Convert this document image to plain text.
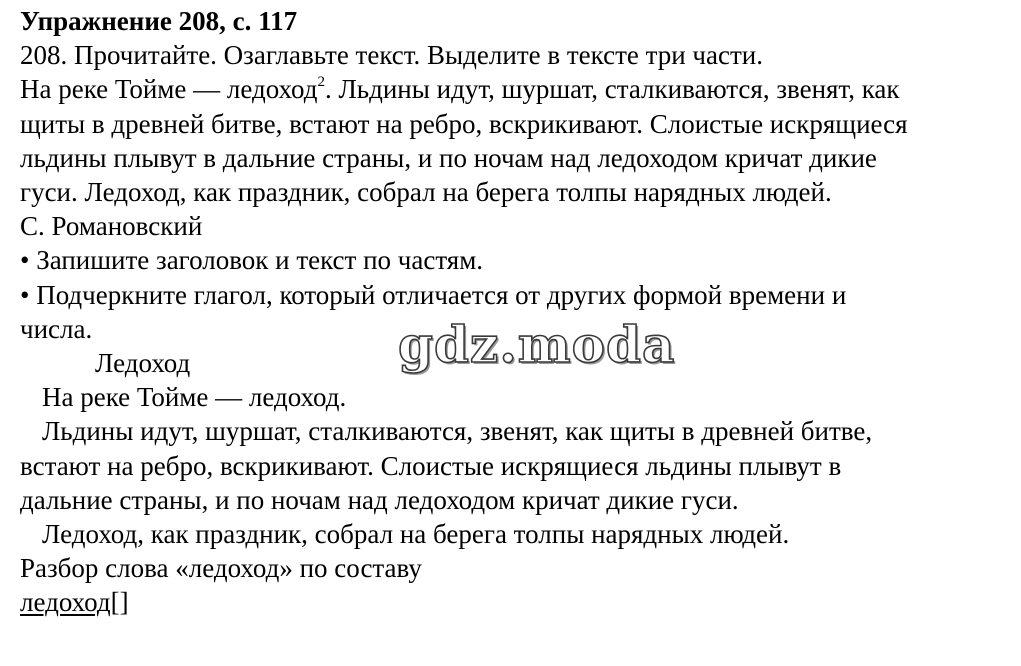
Упражнение 208, с. 117
208. Прочитайте. Озаглавьте текст. Выделите в тексте три части.
На реке Тойме — ледоход$^2$. Льдины идут, шуршат, сталкиваются, звенят, как
щиты в древней битве, встают на ребро, вскрикивают. Слоистые искрящиеся
льдины плывут в дальние страны, и по ночам над ледоходом кричат дикие
гуси. Ледоход, как праздник, собрал на берега толпы нарядных людей.
С. Романовский
• Запишите заголовок и текст по частям.
• Подчеркните глагол, который отличается от других формой времени и
числа.
Ледоход
На реке Тойме — ледоход.
Льдины идут, шуршат, сталкиваются, звенят, как щиты в древней битве,
встают на ребро, вскрикивают. Слоистые искрящиеся льдины плывут в
дальние страны, и по ночам над ледоходом кричат дикие гуси.
Ледоход, как праздник, собрал на берега толпы нарядных людей.
Разбор слова «ледоход» по составу
ледоход[]
gdz.moda
